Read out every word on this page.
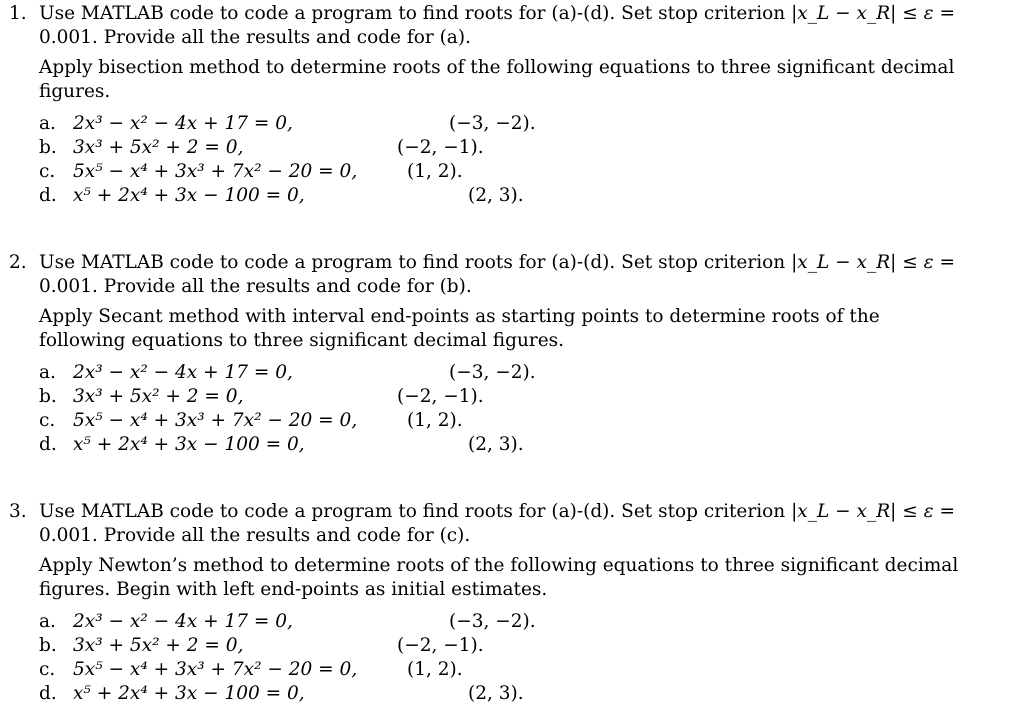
1. Use MATLAB code to code a program to find roots for (a)-(d). Set stop criterion |x_L − x_R| ≤ ε =
0.001. Provide all the results and code for (a).
Apply bisection method to determine roots of the following equations to three significant decimal
figures.
a. 2x³ − x² − 4x + 17 = 0,	(−3, −2).
b. 3x³ + 5x² + 2 = 0,	(−2, −1).
c. 5x⁵ − x⁴ + 3x³ + 7x² − 20 = 0,	(1, 2).
d. x⁵ + 2x⁴ + 3x − 100 = 0,	(2, 3).
2. Use MATLAB code to code a program to find roots for (a)-(d). Set stop criterion |x_L − x_R| ≤ ε =
0.001. Provide all the results and code for (b).
Apply Secant method with interval end-points as starting points to determine roots of the
following equations to three significant decimal figures.
a. 2x³ − x² − 4x + 17 = 0,	(−3, −2).
b. 3x³ + 5x² + 2 = 0,	(−2, −1).
c. 5x⁵ − x⁴ + 3x³ + 7x² − 20 = 0,	(1, 2).
d. x⁵ + 2x⁴ + 3x − 100 = 0,	(2, 3).
3. Use MATLAB code to code a program to find roots for (a)-(d). Set stop criterion |x_L − x_R| ≤ ε =
0.001. Provide all the results and code for (c).
Apply Newton’s method to determine roots of the following equations to three significant decimal
figures. Begin with left end-points as initial estimates.
a. 2x³ − x² − 4x + 17 = 0,	(−3, −2).
b. 3x³ + 5x² + 2 = 0,	(−2, −1).
c. 5x⁵ − x⁴ + 3x³ + 7x² − 20 = 0,	(1, 2).
d. x⁵ + 2x⁴ + 3x − 100 = 0,	(2, 3).
